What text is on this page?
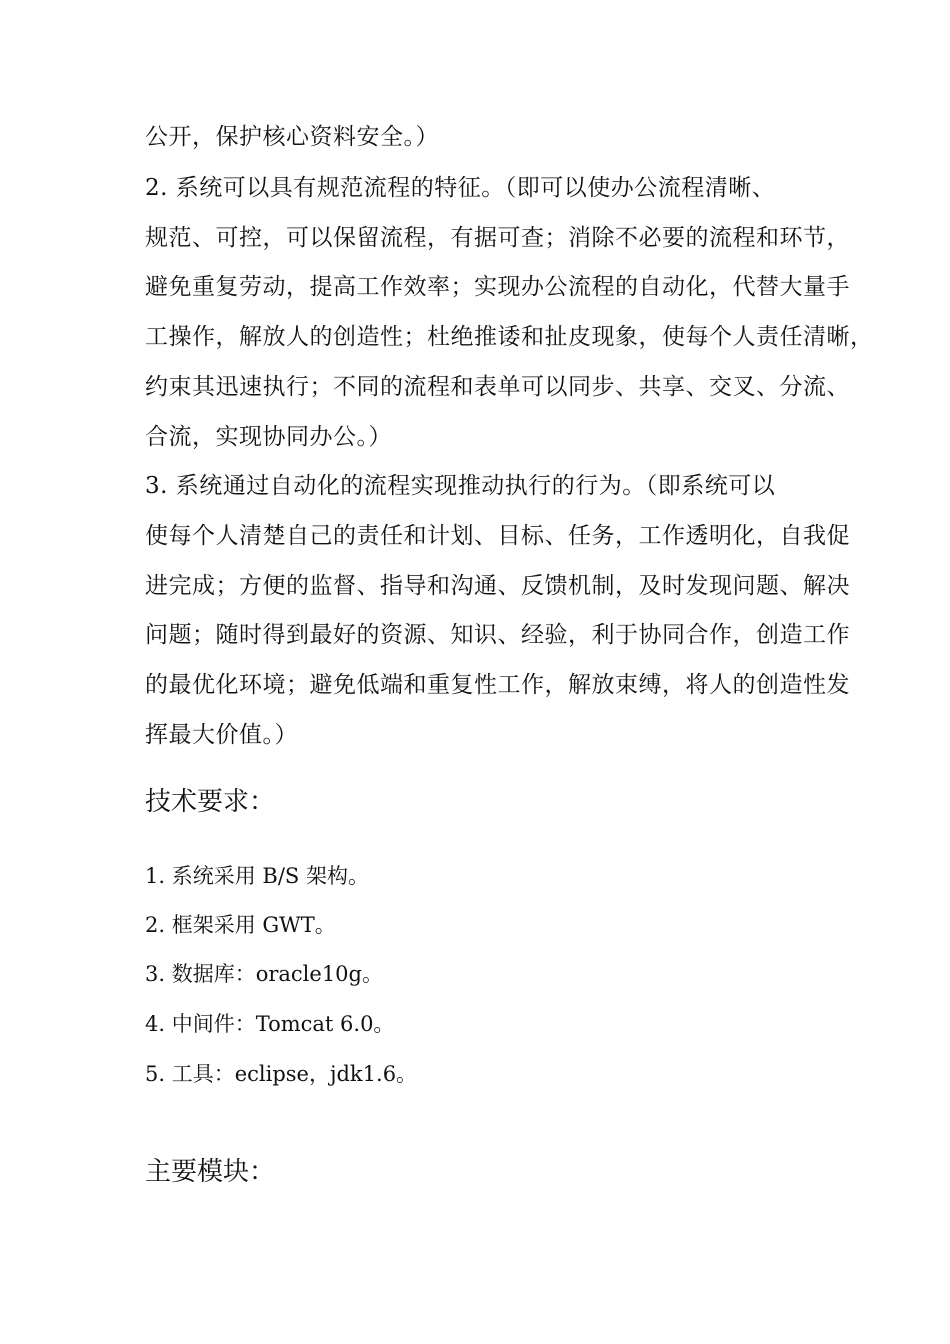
公开，保护核心资料安全。）
2. 系统可以具有规范流程的特征。（即可以使办公流程清晰、
规范、可控，可以保留流程，有据可查；消除不必要的流程和环节，
避免重复劳动，提高工作效率；实现办公流程的自动化，代替大量手
工操作，解放人的创造性；杜绝推诿和扯皮现象，使每个人责任清晰，
约束其迅速执行；不同的流程和表单可以同步、共享、交叉、分流、
合流，实现协同办公。）
3. 系统通过自动化的流程实现推动执行的行为。（即系统可以
使每个人清楚自己的责任和计划、目标、任务，工作透明化，自我促
进完成；方便的监督、指导和沟通、反馈机制，及时发现问题、解决
问题；随时得到最好的资源、知识、经验，利于协同合作，创造工作
的最优化环境；避免低端和重复性工作，解放束缚，将人的创造性发
挥最大价值。）
技术要求：
1. 系统采用 B/S 架构。
2. 框架采用 GWT。
3. 数据库：oracle10g。
4. 中间件：Tomcat 6.0。
5. 工具：eclipse，jdk1.6。
主要模块：
